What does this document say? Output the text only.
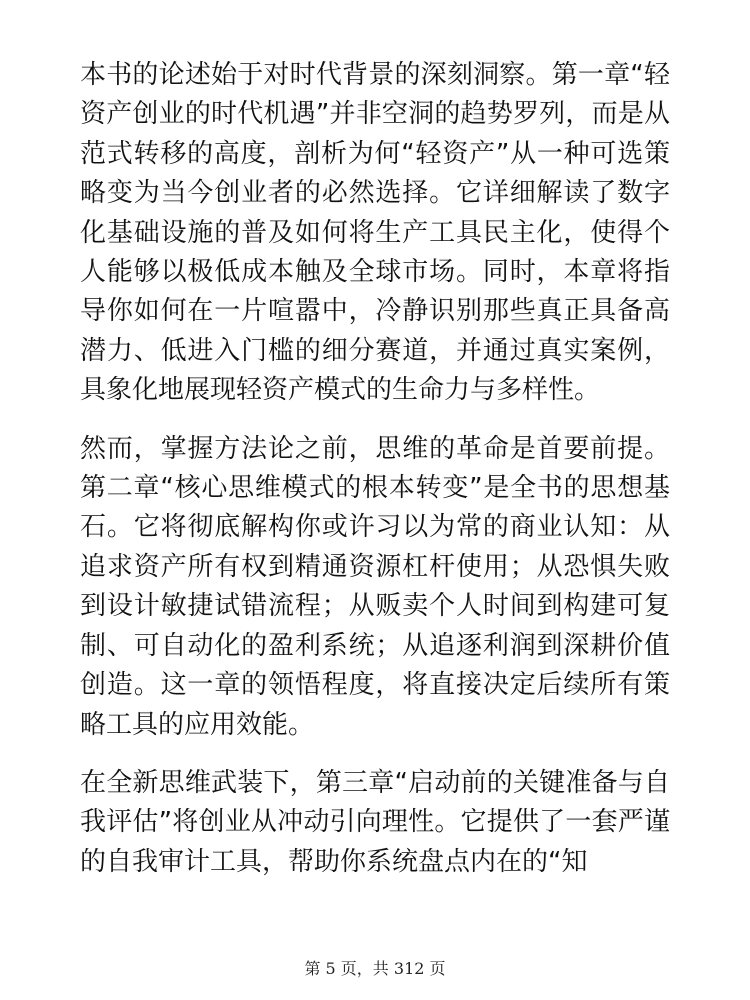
本书的论述始于对时代背景的深刻洞察。第一章“轻资产创业的时代机遇”并非空洞的趋势罗列，而是从范式转移的高度，剖析为何“轻资产”从一种可选策略变为当今创业者的必然选择。它详细解读了数字化基础设施的普及如何将生产工具民主化，使得个人能够以极低成本触及全球市场。同时，本章将指导你如何在一片喧嚣中，冷静识别那些真正具备高潜力、低进入门槛的细分赛道，并通过真实案例，具象化地展现轻资产模式的生命力与多样性。

然而，掌握方法论之前，思维的革命是首要前提。第二章“核心思维模式的根本转变”是全书的思想基石。它将彻底解构你或许习以为常的商业认知：从追求资产所有权到精通资源杠杆使用；从恐惧失败到设计敏捷试错流程；从贩卖个人时间到构建可复制、可自动化的盈利系统；从追逐利润到深耕价值创造。这一章的领悟程度，将直接决定后续所有策略工具的应用效能。

在全新思维武装下，第三章“启动前的关键准备与自我评估”将创业从冲动引向理性。它提供了一套严谨的自我审计工具，帮助你系统盘点内在的“知

第 5 页，共 312 页
